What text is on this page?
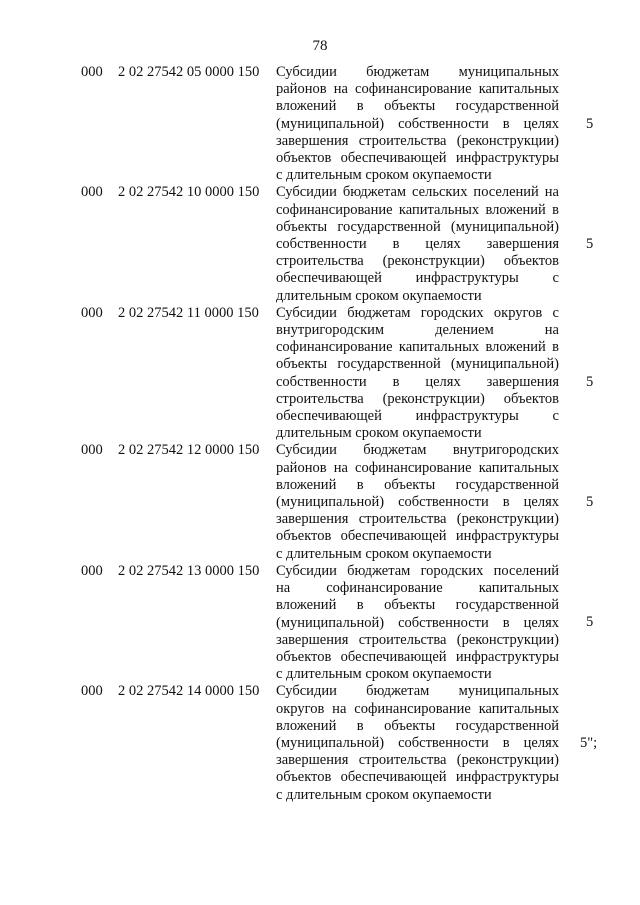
78
000 2 02 27542 05 0000 150 Субсидии бюджетам муниципальных
районов на софинансирование капитальных
вложений в объекты государственной
(муниципальной) собственности в целях
завершения строительства (реконструкции)
объектов обеспечивающей инфраструктуры
с длительным сроком окупаемости
5
000 2 02 27542 10 0000 150 Субсидии бюджетам сельских поселений на
софинансирование капитальных вложений в
объекты государственной (муниципальной)
собственности в целях завершения
строительства (реконструкции) объектов
обеспечивающей инфраструктуры с
длительным сроком окупаемости
5
000 2 02 27542 11 0000 150 Субсидии бюджетам городских округов с
внутригородским делением на
софинансирование капитальных вложений в
объекты государственной (муниципальной)
собственности в целях завершения
строительства (реконструкции) объектов
обеспечивающей инфраструктуры с
длительным сроком окупаемости
5
000 2 02 27542 12 0000 150 Субсидии бюджетам внутригородских
районов на софинансирование капитальных
вложений в объекты государственной
(муниципальной) собственности в целях
завершения строительства (реконструкции)
объектов обеспечивающей инфраструктуры
с длительным сроком окупаемости
5
000 2 02 27542 13 0000 150 Субсидии бюджетам городских поселений
на софинансирование капитальных
вложений в объекты государственной
(муниципальной) собственности в целях
завершения строительства (реконструкции)
объектов обеспечивающей инфраструктуры
с длительным сроком окупаемости
5
000 2 02 27542 14 0000 150 Субсидии бюджетам муниципальных
округов на софинансирование капитальных
вложений в объекты государственной
(муниципальной) собственности в целях
завершения строительства (реконструкции)
объектов обеспечивающей инфраструктуры
с длительным сроком окупаемости
5";
